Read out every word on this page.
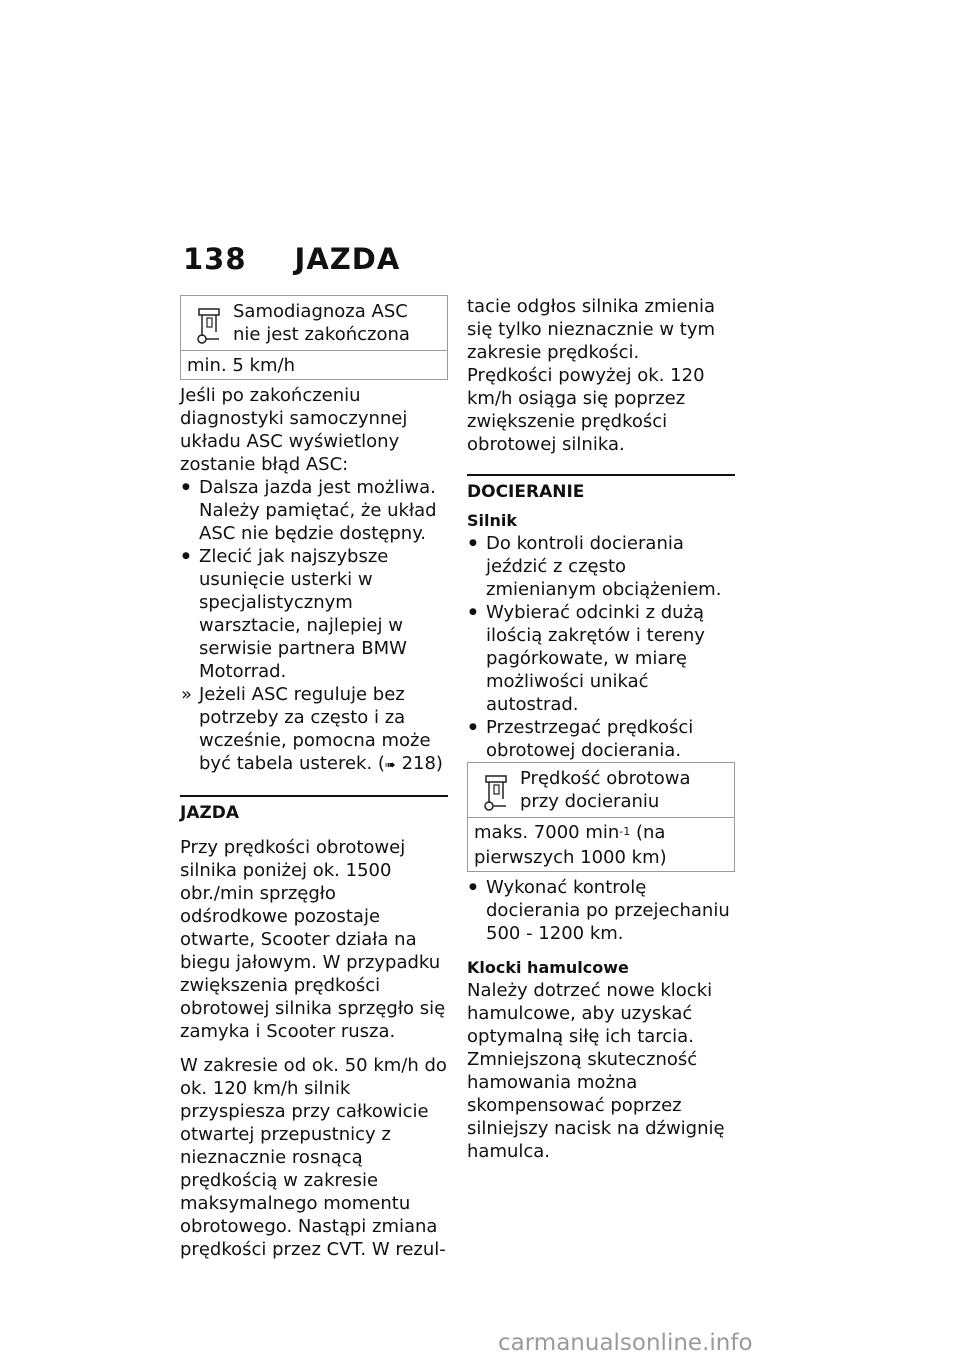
138 JAZDA
Samodiagnoza ASC nie jest zakończona
min. 5 km/h

Jeśli po zakończeniu diagnostyki samoczynnej układu ASC wyświetlony zostanie błąd ASC:

● Dalsza jazda jest możliwa. Należy pamiętać, że układ ASC nie będzie dostępny.
● Zlecić jak najszybsze usunięcie usterki w specjalistycznym warsztacie, najlepiej w serwisie partnera BMW Motorrad.
» Jeżeli ASC reguluje bez potrzeby za często i za wcześnie, pomocna może być tabela usterek. (➠ 218)
JAZDA

Przy prędkości obrotowej silnika poniżej ok. 1500 obr./min sprzęgło odśrodkowe pozostaje otwarte, Scooter działa na biegu jałowym. W przypadku zwiększenia prędkości obrotowej silnika sprzęgło się zamyka i Scooter rusza.

W zakresie od ok. 50 km/h do ok. 120 km/h silnik przyspiesza przy całkowicie otwartej przepustnicy z nieznacznie rosnącą prędkością w zakresie maksymalnego momentu obrotowego. Nastąpi zmiana prędkości przez CVT. W rezul-

tacie odgłos silnika zmienia się tylko nieznacznie w tym zakresie prędkości.

Prędkości powyżej ok. 120 km/h osiąga się poprzez zwiększenie prędkości obrotowej silnika.

DOCIERANIE
Silnik
● Do kontroli docierania jeździć z często zmienianym obciążeniem.
● Wybierać odcinki z dużą ilością zakrętów i tereny pagórkowate, w miarę możliwości unikać autostrad.
● Przestrzegać prędkości obrotowej docierania.
Prędkość obrotowa przy docieraniu
maks. 7000 $\min^{-1} (na$ pierwszych 1000 km)
● Wykonać kontrolę docierania po przejechaniu 500 - 1200 km.
Klocki hamulcowe

Należy dotrzeć nowe klocki hamulcowe, aby uzyskać optymalną siłę ich tarcia. Zmniejszoną skuteczność hamowania można skompensować poprzez silniejszy nacisk na dźwignię hamulca.

carmanualsonline.info
